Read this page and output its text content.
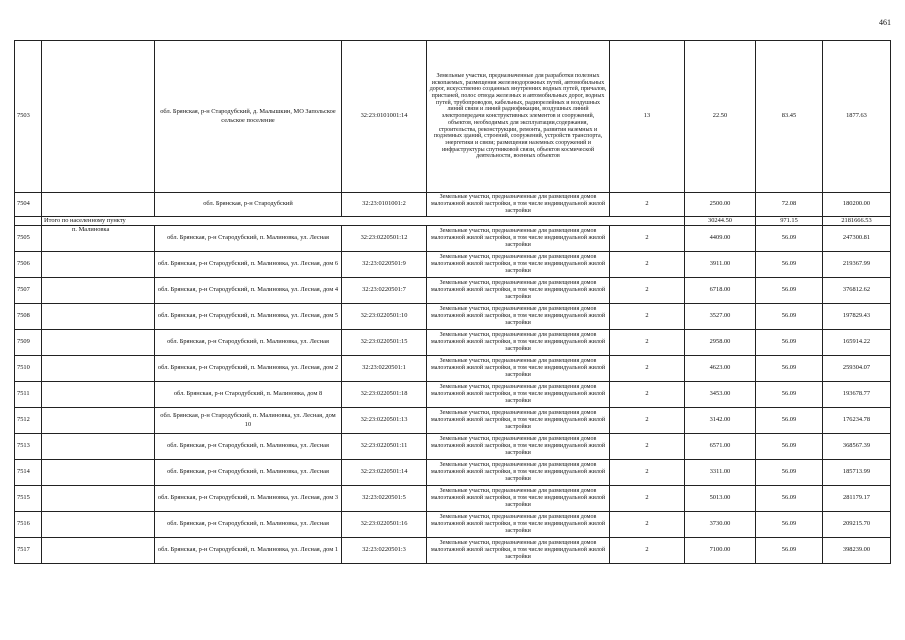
461
7503		обл. Брянская, р-н Стародубский, д. Малышкин, МО Запольское сельское поселение	32:23:0101001:14	Земельные участки, предназначенные для разработки полезных ископаемых, размещения железнодорожных путей, автомобильных дорог, искусственно созданных внутренних водных путей, причалов, пристаней, полос отвода железных и автомобильных дорог, водных путей, трубопроводов, кабельных, радиорелейных и воздушных линий связи и линий радиофикации, воздушных линий электропередачи конструктивных элементов и сооружений, объектов, необходимых для эксплуатации,содержания, строительства, реконструкции, ремонта, развития наземных и подземных зданий, строений, сооружений, устройств транспорта, энергетики и связи; размещения наземных сооружений и инфраструктуры спутниковой связи, объектов космической деятельности, военных объектов	13	22.50	83.45	1877.63
7504		обл. Брянская, р-н Стародубский	32:23:0101001:2	Земельные участки, предназначенные для размещения домов малоэтажной жилой застройки, в том числе индивидуальной жилой застройки	2	2500.00	72.08	180200.00
	Итого по населенному пункту					30244.50	971.15	2181666.53
7505	п. Малиновка	обл. Брянская, р-н Стародубский, п. Малиновка, ул. Лесная	32:23:0220501:12	Земельные участки, предназначенные для размещения домов малоэтажной жилой застройки, в том числе индивидуальной жилой застройки	2	4409.00	56.09	247300.81
7506		обл. Брянская, р-н Стародубский, п. Малиновка, ул. Лесная, дом 6	32:23:0220501:9	Земельные участки, предназначенные для размещения домов малоэтажной жилой застройки, в том числе индивидуальной жилой застройки	2	3911.00	56.09	219367.99
7507		обл. Брянская, р-н Стародубский, п. Малиновка, ул. Лесная, дом 4	32:23:0220501:7	Земельные участки, предназначенные для размещения домов малоэтажной жилой застройки, в том числе индивидуальной жилой застройки	2	6718.00	56.09	376812.62
7508		обл. Брянская, р-н Стародубский, п. Малиновка, ул. Лесная, дом 5	32:23:0220501:10	Земельные участки, предназначенные для размещения домов малоэтажной жилой застройки, в том числе индивидуальной жилой застройки	2	3527.00	56.09	197829.43
7509		обл. Брянская, р-н Стародубский, п. Малиновка, ул. Лесная	32:23:0220501:15	Земельные участки, предназначенные для размещения домов малоэтажной жилой застройки, в том числе индивидуальной жилой застройки	2	2958.00	56.09	165914.22
7510		обл. Брянская, р-н Стародубский, п. Малиновка, ул. Лесная, дом 2	32:23:0220501:1	Земельные участки, предназначенные для размещения домов малоэтажной жилой застройки, в том числе индивидуальной жилой застройки	2	4623.00	56.09	259304.07
7511		обл. Брянская, р-н Стародубский, п. Малиновка, дом 8	32:23:0220501:18	Земельные участки, предназначенные для размещения домов малоэтажной жилой застройки, в том числе индивидуальной жилой застройки	2	3453.00	56.09	193678.77
7512		обл. Брянская, р-н Стародубский, п. Малиновка, ул. Лесная, дом 10	32:23:0220501:13	Земельные участки, предназначенные для размещения домов малоэтажной жилой застройки, в том числе индивидуальной жилой застройки	2	3142.00	56.09	176234.78
7513		обл. Брянская, р-н Стародубский, п. Малиновка, ул. Лесная	32:23:0220501:11	Земельные участки, предназначенные для размещения домов малоэтажной жилой застройки, в том числе индивидуальной жилой застройки	2	6571.00	56.09	368567.39
7514		обл. Брянская, р-н Стародубский, п. Малиновка, ул. Лесная	32:23:0220501:14	Земельные участки, предназначенные для размещения домов малоэтажной жилой застройки, в том числе индивидуальной жилой застройки	2	3311.00	56.09	185713.99
7515		обл. Брянская, р-н Стародубский, п. Малиновка, ул. Лесная, дом 3	32:23:0220501:5	Земельные участки, предназначенные для размещения домов малоэтажной жилой застройки, в том числе индивидуальной жилой застройки	2	5013.00	56.09	281179.17
7516		обл. Брянская, р-н Стародубский, п. Малиновка, ул. Лесная	32:23:0220501:16	Земельные участки, предназначенные для размещения домов малоэтажной жилой застройки, в том числе индивидуальной жилой застройки	2	3730.00	56.09	209215.70
7517		обл. Брянская, р-н Стародубский, п. Малиновка, ул. Лесная, дом 1	32:23:0220501:3	Земельные участки, предназначенные для размещения домов малоэтажной жилой застройки, в том числе индивидуальной жилой застройки	2	7100.00	56.09	398239.00
